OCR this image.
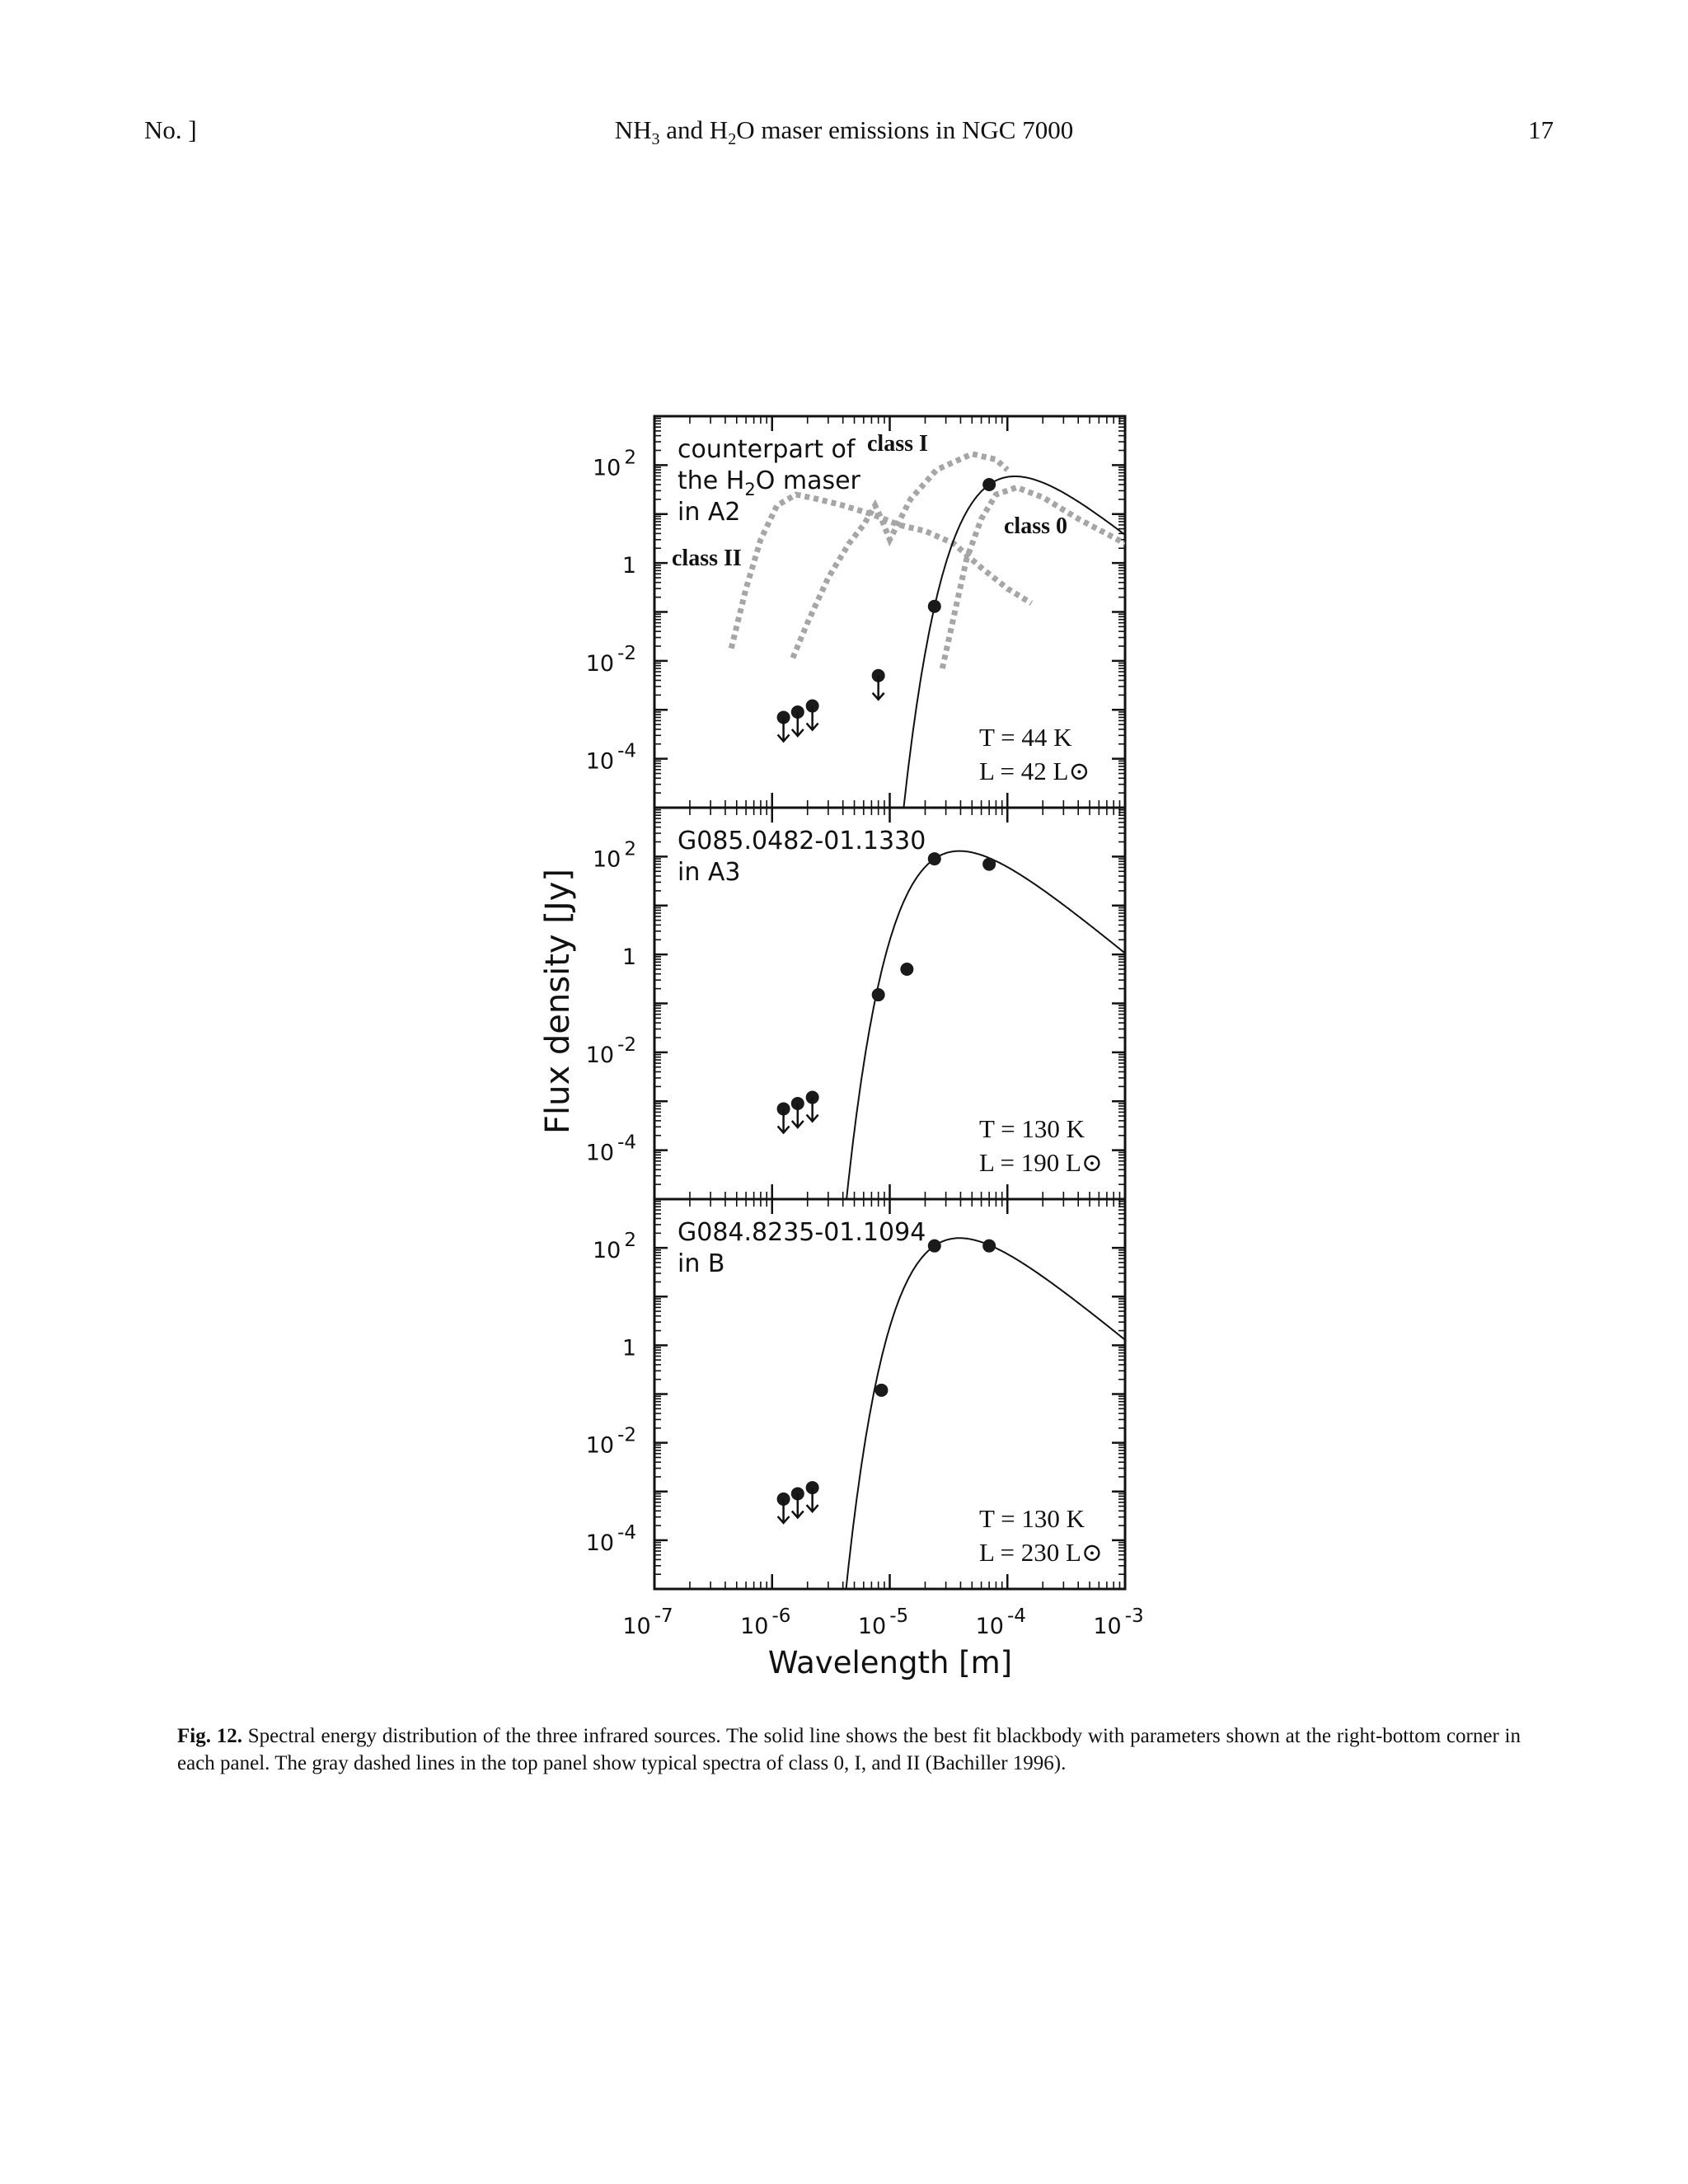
No. ]	$NH_3$ and $H_2O$ maser emissions in NGC 7000	17
10 2
1
10 -2
10 -4
counterpart of
the $H_2O$ maser
in A2
class I
class 0
class II
T = 44 K
L = 42 L⊙
10 2
1
10 -2
10 -4
G085.0482-01.1330
in A3
T = 130 K
L = 190 L⊙
10 2
1
10 -2
10 -4
G084.8235-01.1094
in B
T = 130 K
L = 230 L⊙
10 -7	10 -6	10 -5	10 -4	10 -3
Wavelength [m]
Flux density [Jy]
Fig. 12. Spectral energy distribution of the three infrared sources. The solid line shows the best fit blackbody with parameters shown at the right-bottom corner in each panel. The gray dashed lines in the top panel show typical spectra of class 0, I, and II (Bachiller 1996).
